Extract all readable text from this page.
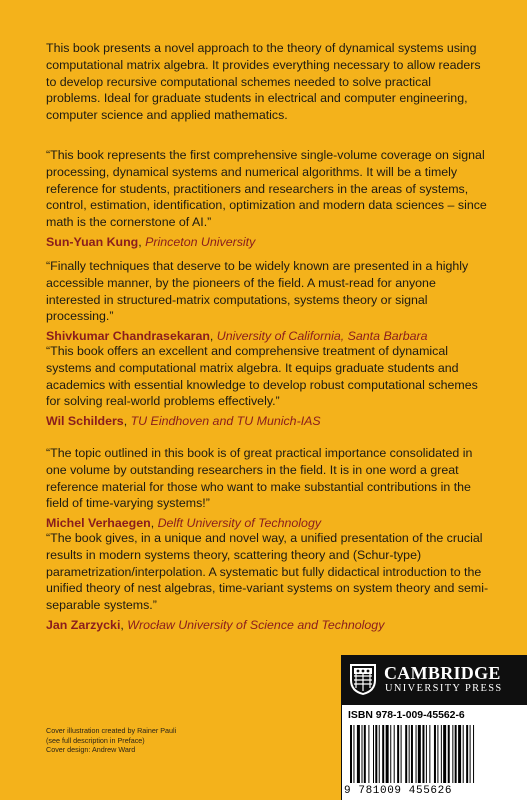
This book presents a novel approach to the theory of dynamical systems using computational matrix algebra. It provides everything necessary to allow readers to develop recursive computational schemes needed to solve practical problems. Ideal for graduate students in electrical and computer engineering, computer science and applied mathematics.

“This book represents the first comprehensive single-volume coverage on signal processing, dynamical systems and numerical algorithms. It will be a timely reference for students, practitioners and researchers in the areas of systems, control, estimation, identification, optimization and modern data sciences – since math is the cornerstone of AI.”

Sun-Yuan Kung, Princeton University

“Finally techniques that deserve to be widely known are presented in a highly accessible manner, by the pioneers of the field. A must-read for anyone interested in structured-matrix computations, systems theory or signal processing.”

Shivkumar Chandrasekaran, University of California, Santa Barbara

“This book offers an excellent and comprehensive treatment of dynamical systems and computational matrix algebra. It equips graduate students and academics with essential knowledge to develop robust computational schemes for solving real-world problems effectively.”

Wil Schilders, TU Eindhoven and TU Munich-IAS

“The topic outlined in this book is of great practical importance consolidated in one volume by outstanding researchers in the field. It is in one word a great reference material for those who want to make substantial contributions in the field of time-varying systems!”

Michel Verhaegen, Delft University of Technology

“The book gives, in a unique and novel way, a unified presentation of the crucial results in modern systems theory, scattering theory and (Schur-type) parametrization/interpolation. A systematic but fully didactical introduction to the unified theory of nest algebras, time-variant systems on system theory and semi-separable systems.”

Jan Zarzycki, Wrocław University of Science and Technology
Cover illustration created by Rainer Pauli
(see full description in Preface)
Cover design: Andrew Ward
CAMBRIDGE
UNIVERSITY PRESS
ISBN 978-1-009-45562-6
9 781009 455626
